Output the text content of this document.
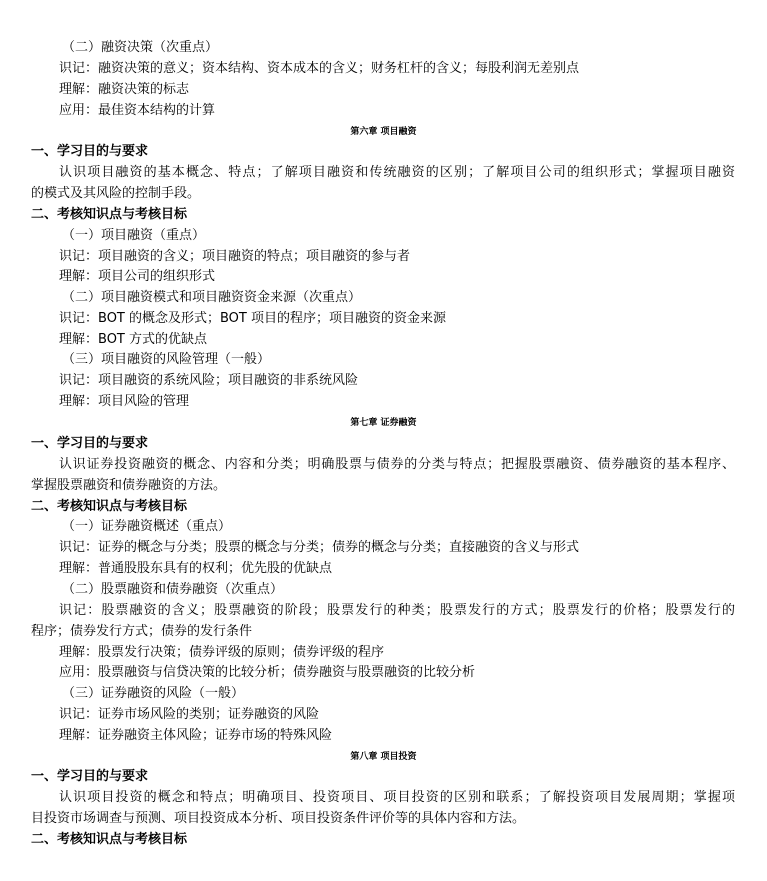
（二）融资决策（次重点）
识记：融资决策的意义；资本结构、资本成本的含义；财务杠杆的含义；每股利润无差别点
理解：融资决策的标志
应用：最佳资本结构的计算
第六章 项目融资
一、学习目的与要求
认识项目融资的基本概念、特点；了解项目融资和传统融资的区别；了解项目公司的组织形式；掌握项目融资
的模式及其风险的控制手段。
二、考核知识点与考核目标
（一）项目融资（重点）
识记：项目融资的含义；项目融资的特点；项目融资的参与者
理解：项目公司的组织形式
（二）项目融资模式和项目融资资金来源（次重点）
识记：BOT 的概念及形式；BOT 项目的程序；项目融资的资金来源
理解：BOT 方式的优缺点
（三）项目融资的风险管理（一般）
识记：项目融资的系统风险；项目融资的非系统风险
理解：项目风险的管理
第七章 证券融资
一、学习目的与要求
认识证券投资融资的概念、内容和分类；明确股票与债券的分类与特点；把握股票融资、债券融资的基本程序、
掌握股票融资和债券融资的方法。
二、考核知识点与考核目标
（一）证券融资概述（重点）
识记：证券的概念与分类；股票的概念与分类；债券的概念与分类；直接融资的含义与形式
理解：普通股股东具有的权利；优先股的优缺点
（二）股票融资和债券融资（次重点）
识记：股票融资的含义；股票融资的阶段；股票发行的种类；股票发行的方式；股票发行的价格；股票发行的
程序；债券发行方式；债券的发行条件
理解：股票发行决策；债券评级的原则；债券评级的程序
应用：股票融资与信贷决策的比较分析；债券融资与股票融资的比较分析
（三）证券融资的风险（一般）
识记：证券市场风险的类别；证券融资的风险
理解：证券融资主体风险；证券市场的特殊风险
第八章 项目投资
一、学习目的与要求
认识项目投资的概念和特点；明确项目、投资项目、项目投资的区别和联系；了解投资项目发展周期；掌握项
目投资市场调查与预测、项目投资成本分析、项目投资条件评价等的具体内容和方法。
二、考核知识点与考核目标
